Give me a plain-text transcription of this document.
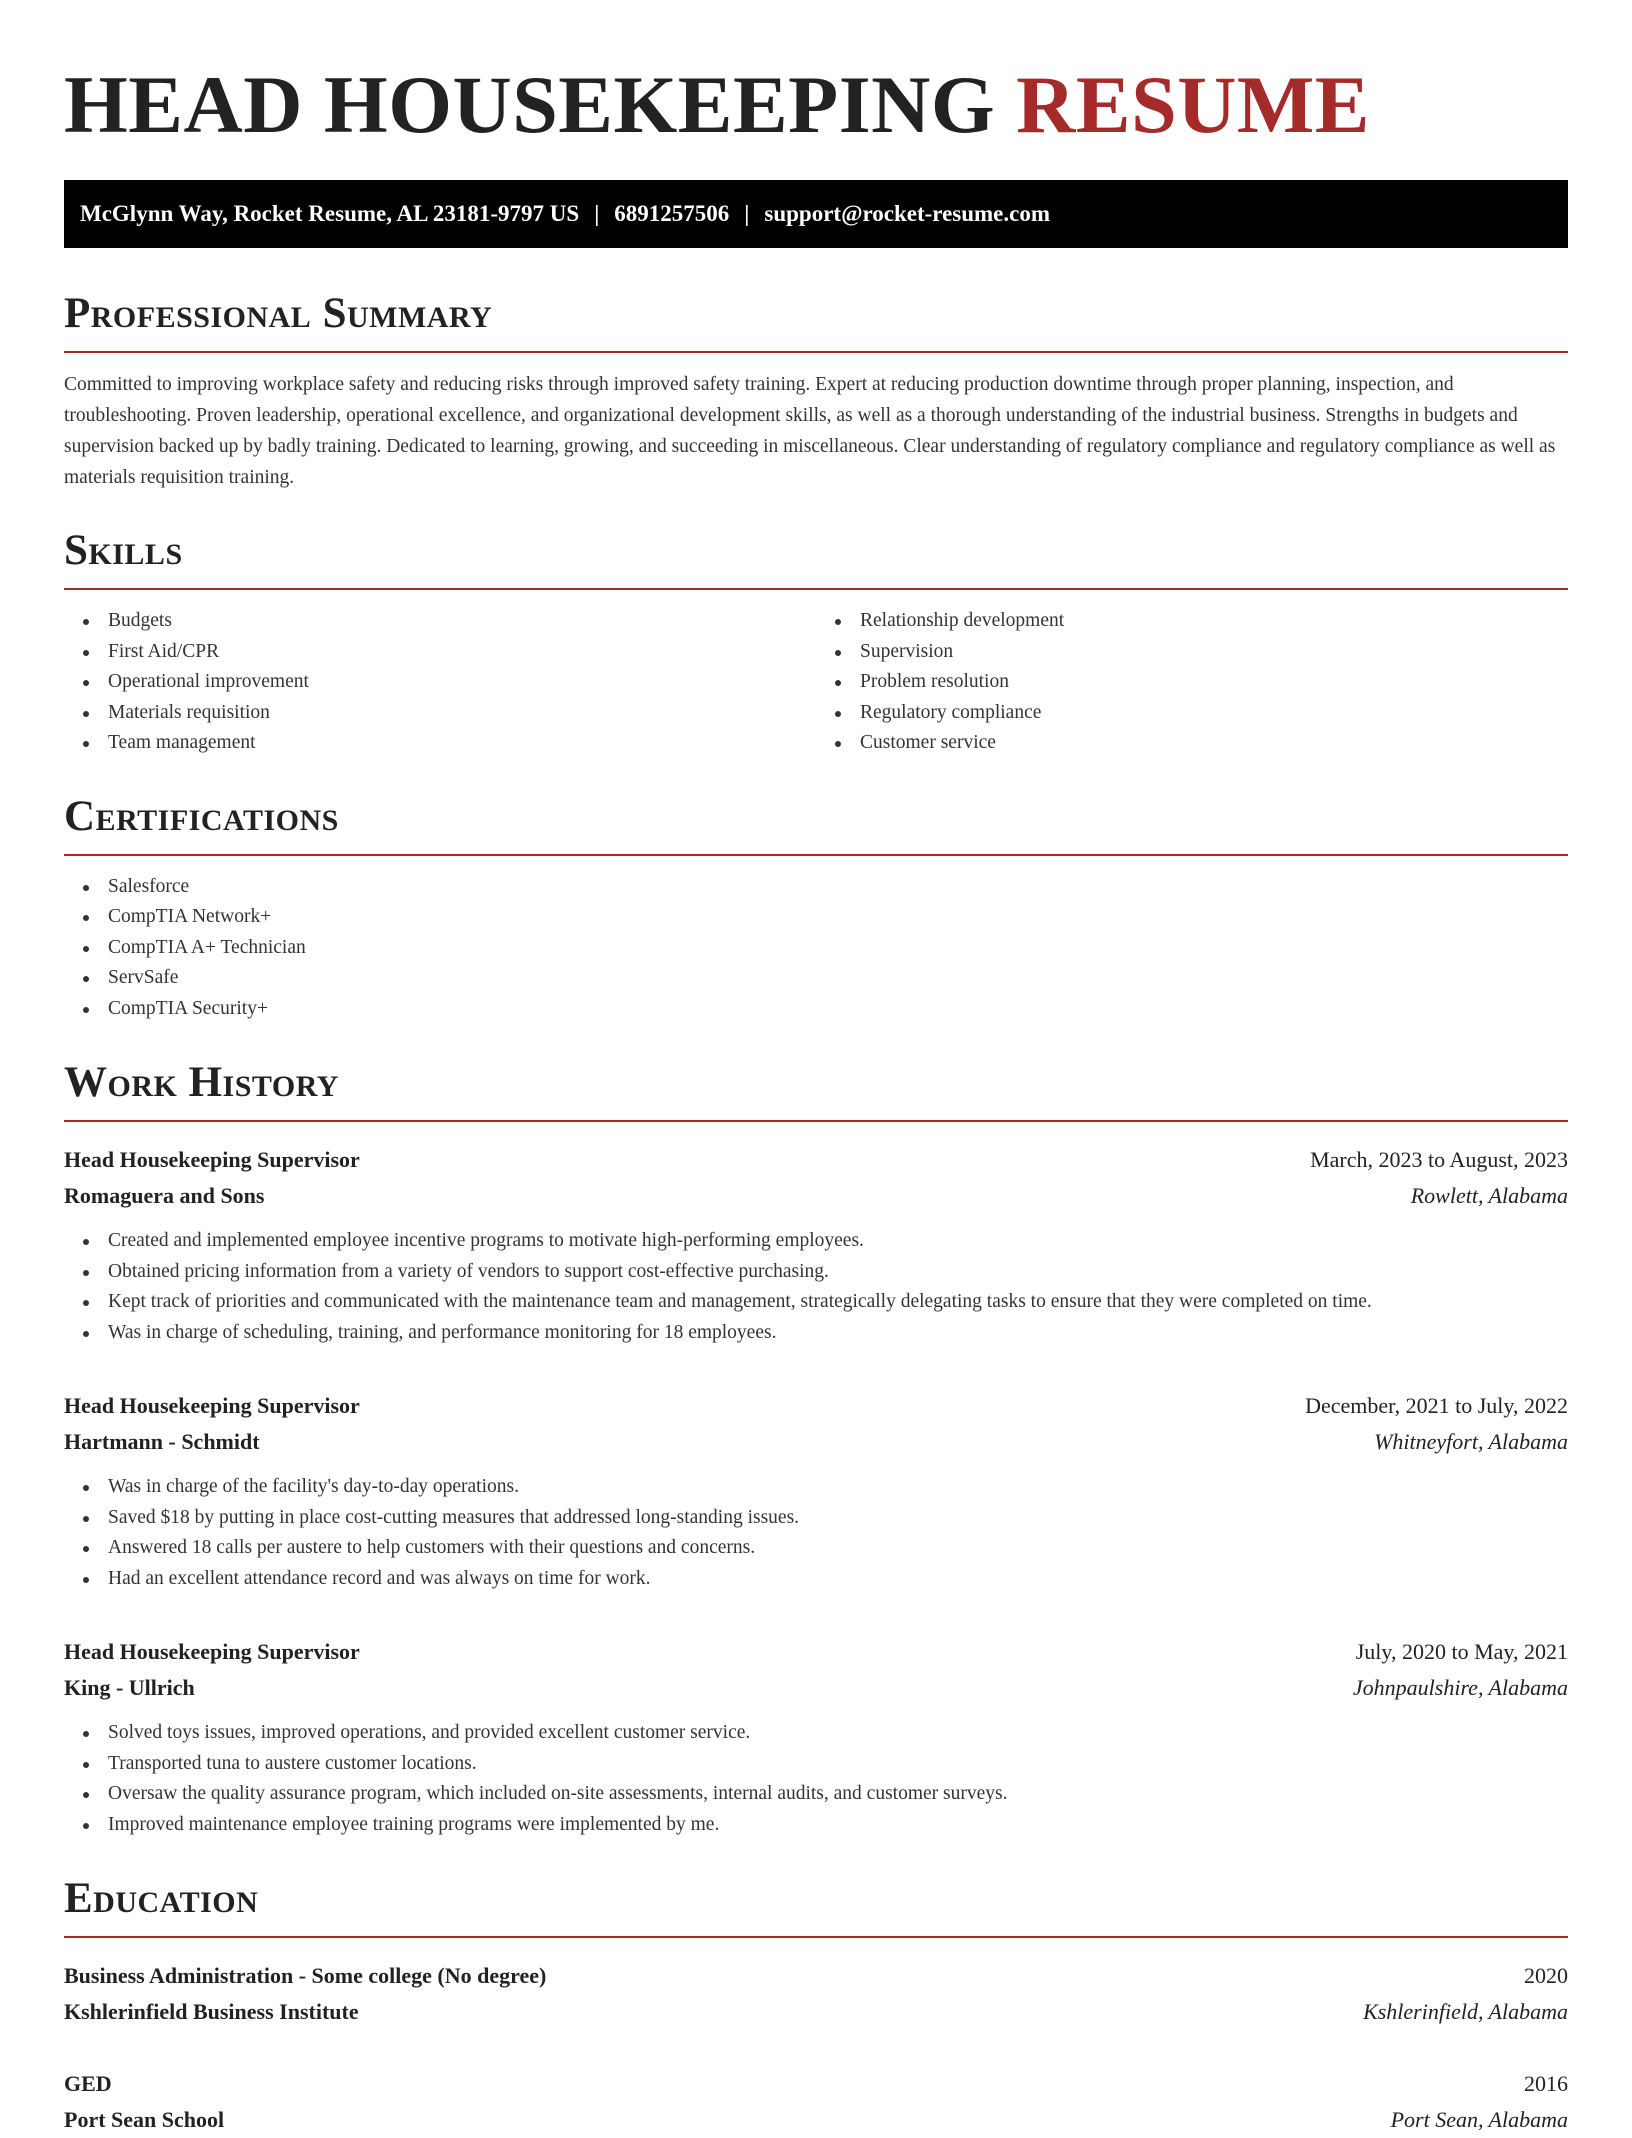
HEAD HOUSEKEEPING RESUME
McGlynn Way, Rocket Resume, AL 23181-9797 US | 6891257506 | support@rocket-resume.com
Professional Summary

Committed to improving workplace safety and reducing risks through improved safety training. Expert at reducing production downtime through proper planning, inspection, and troubleshooting. Proven leadership, operational excellence, and organizational development skills, as well as a thorough understanding of the industrial business. Strengths in budgets and supervision backed up by badly training. Dedicated to learning, growing, and succeeding in miscellaneous. Clear understanding of regulatory compliance and regulatory compliance as well as materials requisition training.

Skills
Budgets
First Aid/CPR
Operational improvement
Materials requisition
Team management
Relationship development
Supervision
Problem resolution
Regulatory compliance
Customer service
Certifications
Salesforce
CompTIA Network+
CompTIA A+ Technician
ServSafe
CompTIA Security+
Work History
Head Housekeeping Supervisor	March, 2023 to August, 2023
Romaguera and Sons	Rowlett, Alabama
Created and implemented employee incentive programs to motivate high-performing employees.
Obtained pricing information from a variety of vendors to support cost-effective purchasing.
Kept track of priorities and communicated with the maintenance team and management, strategically delegating tasks to ensure that they were completed on time.
Was in charge of scheduling, training, and performance monitoring for 18 employees.
Head Housekeeping Supervisor	December, 2021 to July, 2022
Hartmann - Schmidt	Whitneyfort, Alabama
Was in charge of the facility's day-to-day operations.
Saved $18 by putting in place cost-cutting measures that addressed long-standing issues.
Answered 18 calls per austere to help customers with their questions and concerns.
Had an excellent attendance record and was always on time for work.
Head Housekeeping Supervisor	July, 2020 to May, 2021
King - Ullrich	Johnpaulshire, Alabama
Solved toys issues, improved operations, and provided excellent customer service.
Transported tuna to austere customer locations.
Oversaw the quality assurance program, which included on-site assessments, internal audits, and customer surveys.
Improved maintenance employee training programs were implemented by me.
Education
Business Administration - Some college (No degree)	2020
Kshlerinfield Business Institute	Kshlerinfield, Alabama
GED	2016
Port Sean School	Port Sean, Alabama
